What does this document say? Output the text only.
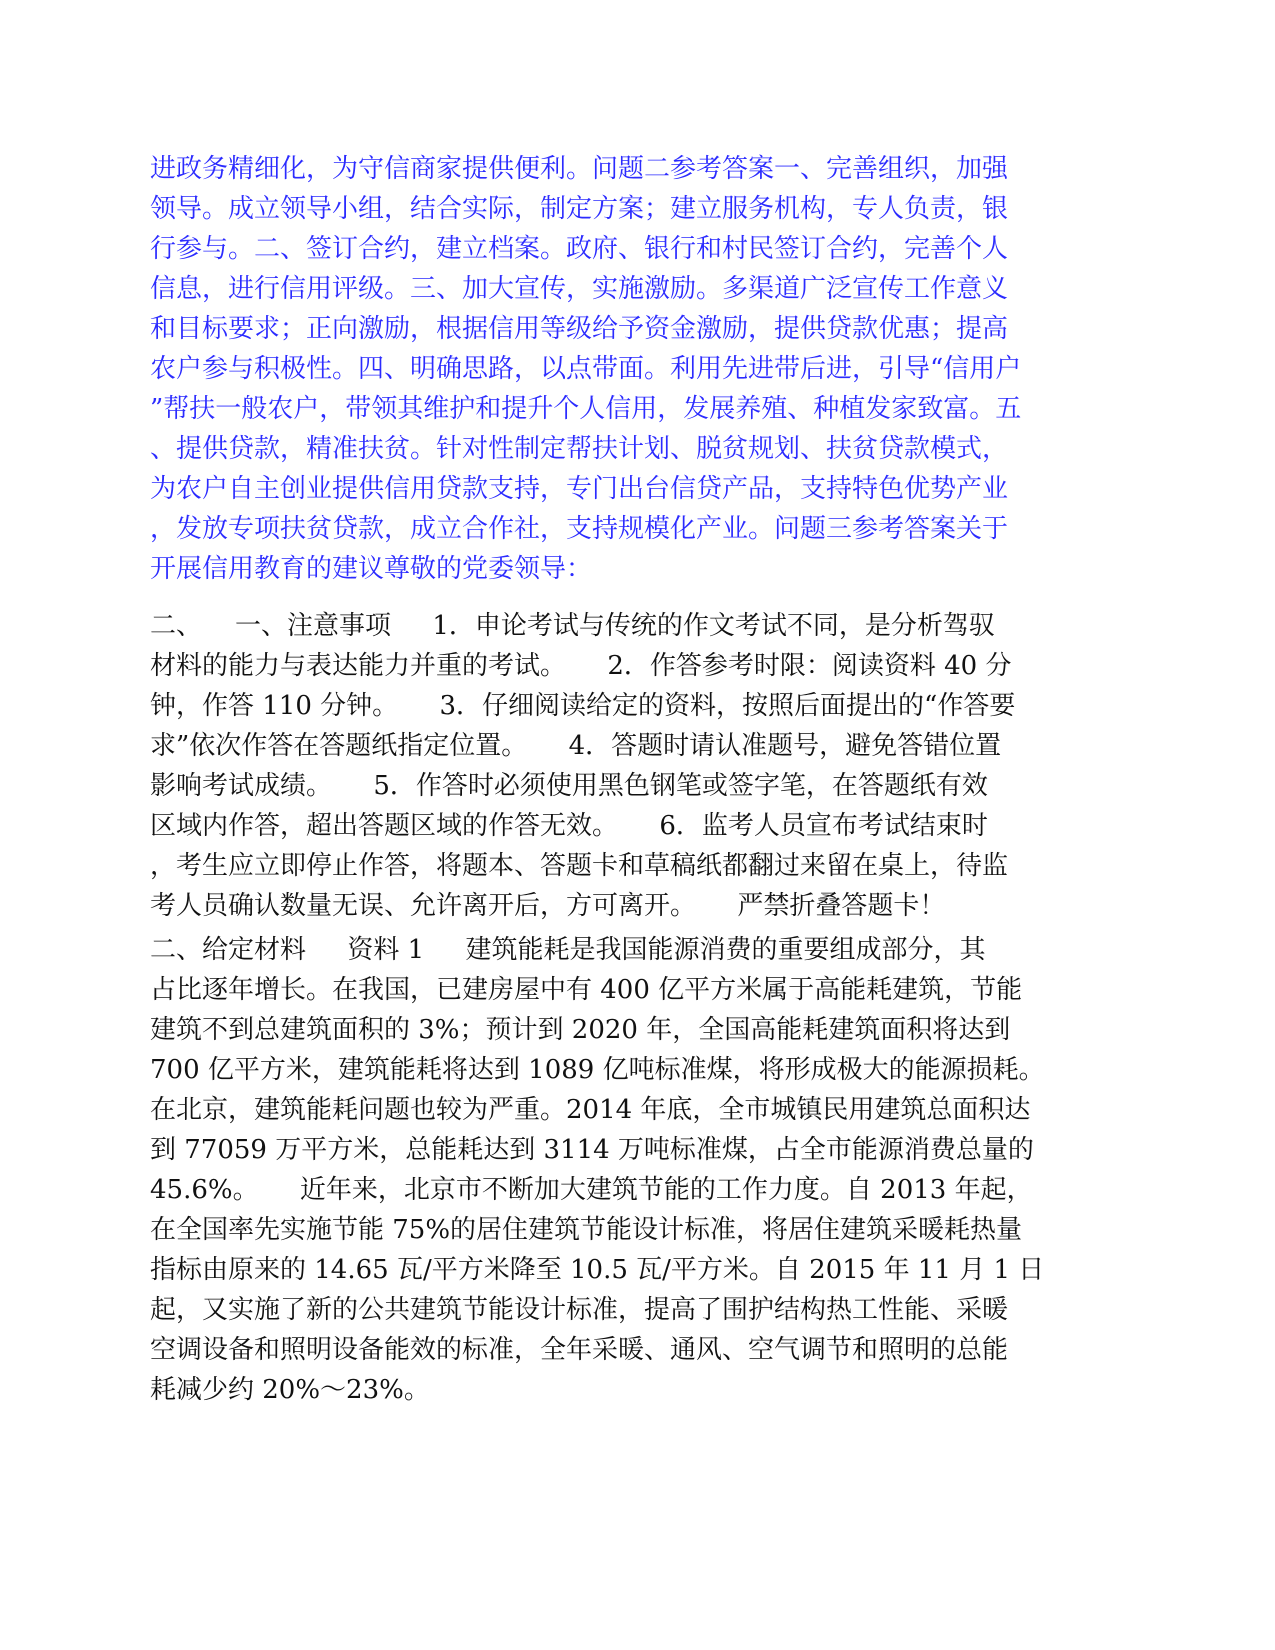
进政务精细化，为守信商家提供便利。问题二参考答案一、完善组织，加强
领导。成立领导小组，结合实际，制定方案；建立服务机构，专人负责，银
行参与。二、签订合约，建立档案。政府、银行和村民签订合约，完善个人
信息，进行信用评级。三、加大宣传，实施激励。多渠道广泛宣传工作意义
和目标要求；正向激励，根据信用等级给予资金激励，提供贷款优惠；提高
农户参与积极性。四、明确思路，以点带面。利用先进带后进，引导“信用户
”帮扶一般农户，带领其维护和提升个人信用，发展养殖、种植发家致富。五
、提供贷款，精准扶贫。针对性制定帮扶计划、脱贫规划、扶贫贷款模式，
为农户自主创业提供信用贷款支持，专门出台信贷产品，支持特色优势产业
，发放专项扶贫贷款，成立合作社，支持规模化产业。问题三参考答案关于
开展信用教育的建议尊敬的党委领导：
二、    一、注意事项     1．申论考试与传统的作文考试不同，是分析驾驭
材料的能力与表达能力并重的考试。     2．作答参考时限：阅读资料 40 分
钟，作答 110 分钟。     3．仔细阅读给定的资料，按照后面提出的“作答要
求”依次作答在答题纸指定位置。     4．答题时请认准题号，避免答错位置
影响考试成绩。     5．作答时必须使用黑色钢笔或签字笔，在答题纸有效
区域内作答，超出答题区域的作答无效。     6．监考人员宣布考试结束时
，考生应立即停止作答，将题本、答题卡和草稿纸都翻过来留在桌上，待监
考人员确认数量无误、允许离开后，方可离开。     严禁折叠答题卡！
二、给定材料     资料 1     建筑能耗是我国能源消费的重要组成部分，其
占比逐年增长。在我国，已建房屋中有 400 亿平方米属于高能耗建筑，节能
建筑不到总建筑面积的 3%；预计到 2020 年，全国高能耗建筑面积将达到
700 亿平方米，建筑能耗将达到 1089 亿吨标准煤，将形成极大的能源损耗。
在北京，建筑能耗问题也较为严重。2014 年底，全市城镇民用建筑总面积达
到 77059 万平方米，总能耗达到 3114 万吨标准煤，占全市能源消费总量的
45.6%。     近年来，北京市不断加大建筑节能的工作力度。自 2013 年起，
在全国率先实施节能 75%的居住建筑节能设计标准，将居住建筑采暖耗热量
指标由原来的 14.65 瓦/平方米降至 10.5 瓦/平方米。自 2015 年 11 月 1 日
起，又实施了新的公共建筑节能设计标准，提高了围护结构热工性能、采暖
空调设备和照明设备能效的标准，全年采暖、通风、空气调节和照明的总能
耗减少约 20%～23%。
